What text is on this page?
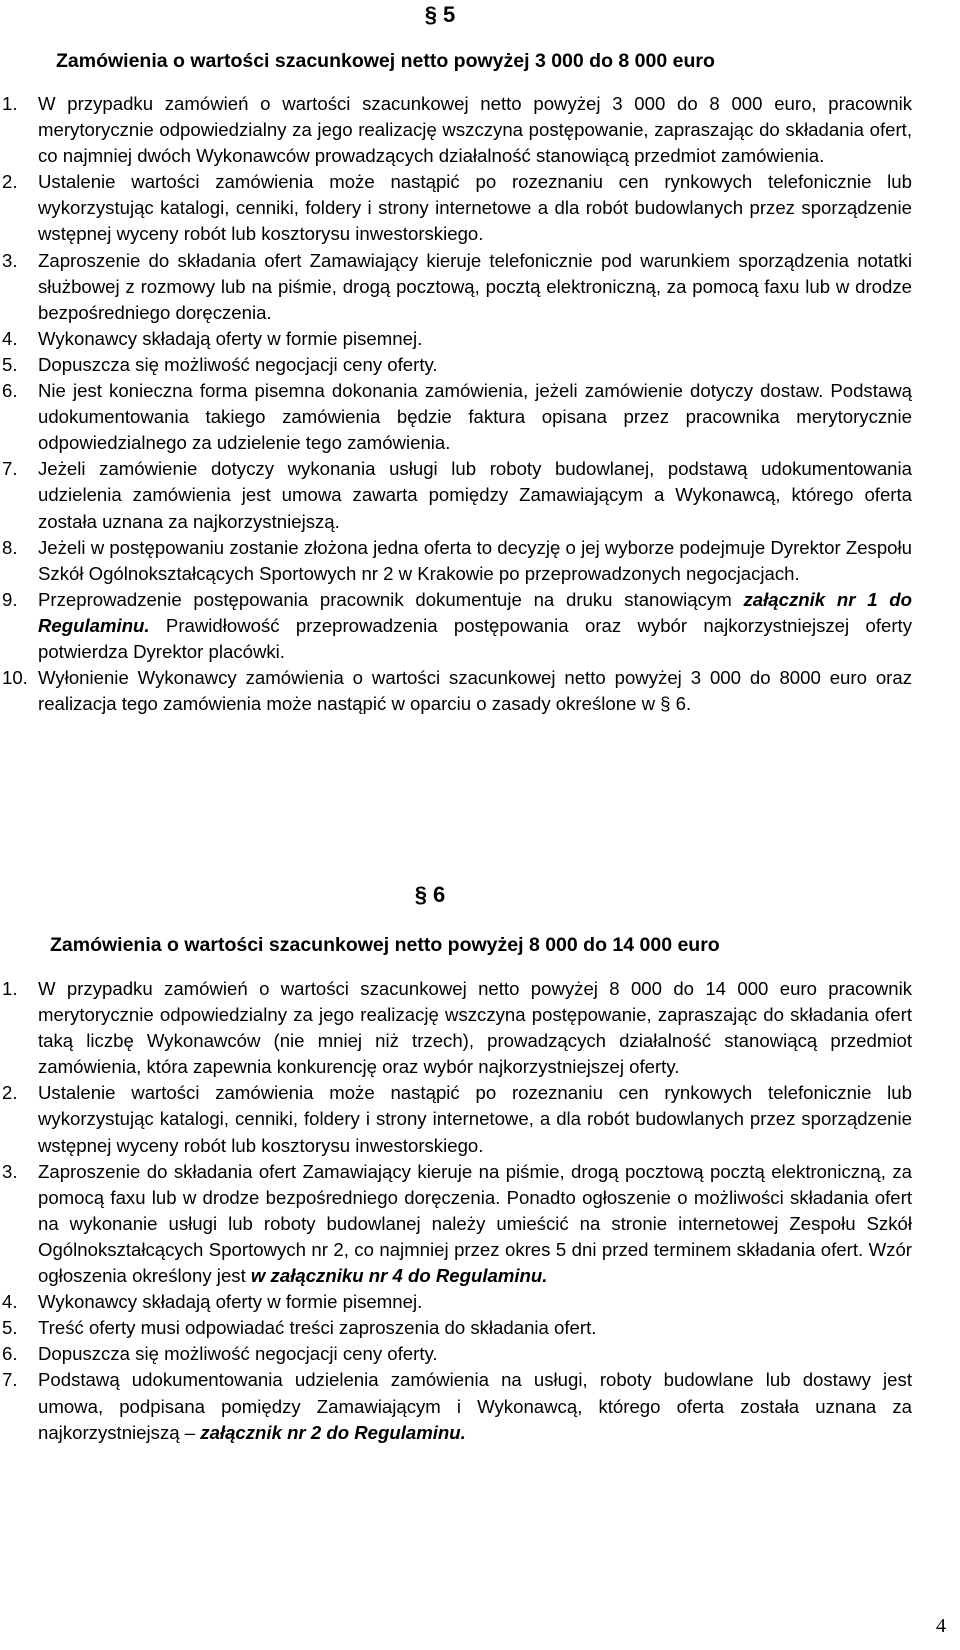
§ 5
Zamówienia o wartości szacunkowej netto powyżej 3 000 do 8 000 euro
1. W przypadku zamówień o wartości szacunkowej netto powyżej 3 000 do 8 000 euro, pracownik merytorycznie odpowiedzialny za jego realizację wszczyna postępowanie, zapraszając do składania ofert, co najmniej dwóch Wykonawców prowadzących działalność stanowiącą przedmiot zamówienia.
2. Ustalenie wartości zamówienia może nastąpić po rozeznaniu cen rynkowych telefonicznie lub wykorzystując katalogi, cenniki, foldery i strony internetowe a dla robót budowlanych przez sporządzenie wstępnej wyceny robót lub kosztorysu inwestorskiego.
3. Zaproszenie do składania ofert Zamawiający kieruje telefonicznie pod warunkiem sporządzenia notatki służbowej z rozmowy lub na piśmie, drogą pocztową, pocztą elektroniczną, za pomocą faxu lub w drodze bezpośredniego doręczenia.
4. Wykonawcy składają oferty w formie pisemnej.
5. Dopuszcza się możliwość negocjacji ceny oferty.
6. Nie jest konieczna forma pisemna dokonania zamówienia, jeżeli zamówienie dotyczy dostaw. Podstawą udokumentowania takiego zamówienia będzie faktura opisana przez pracownika merytorycznie odpowiedzialnego za udzielenie tego zamówienia.
7. Jeżeli zamówienie dotyczy wykonania usługi lub roboty budowlanej, podstawą udokumentowania udzielenia zamówienia jest umowa zawarta pomiędzy Zamawiającym a Wykonawcą, którego oferta została uznana za najkorzystniejszą.
8. Jeżeli w postępowaniu zostanie złożona jedna oferta to decyzję o jej wyborze podejmuje Dyrektor Zespołu Szkół Ogólnokształcących Sportowych nr 2 w Krakowie po przeprowadzonych negocjacjach.
9. Przeprowadzenie postępowania pracownik dokumentuje na druku stanowiącym załącznik nr 1 do Regulaminu. Prawidłowość przeprowadzenia postępowania oraz wybór najkorzystniejszej oferty potwierdza Dyrektor placówki.
10. Wyłonienie Wykonawcy zamówienia o wartości szacunkowej netto powyżej 3 000 do 8000 euro oraz realizacja tego zamówienia może nastąpić w oparciu o zasady określone w § 6.
§ 6
Zamówienia o wartości szacunkowej netto powyżej 8 000 do 14 000 euro
1. W przypadku zamówień o wartości szacunkowej netto powyżej 8 000 do 14 000 euro pracownik merytorycznie odpowiedzialny za jego realizację wszczyna postępowanie, zapraszając do składania ofert taką liczbę Wykonawców (nie mniej niż trzech), prowadzących działalność stanowiącą przedmiot zamówienia, która zapewnia konkurencję oraz wybór najkorzystniejszej oferty.
2. Ustalenie wartości zamówienia może nastąpić po rozeznaniu cen rynkowych telefonicznie lub wykorzystując katalogi, cenniki, foldery i strony internetowe, a dla robót budowlanych przez sporządzenie wstępnej wyceny robót lub kosztorysu inwestorskiego.
3. Zaproszenie do składania ofert Zamawiający kieruje na piśmie, drogą pocztową pocztą elektroniczną, za pomocą faxu lub w drodze bezpośredniego doręczenia. Ponadto ogłoszenie o możliwości składania ofert na wykonanie usługi lub roboty budowlanej należy umieścić na stronie internetowej Zespołu Szkół Ogólnokształcących Sportowych nr 2, co najmniej przez okres 5 dni przed terminem składania ofert. Wzór ogłoszenia określony jest w załączniku nr 4 do Regulaminu.
4. Wykonawcy składają oferty w formie pisemnej.
5. Treść oferty musi odpowiadać treści zaproszenia do składania ofert.
6. Dopuszcza się możliwość negocjacji ceny oferty.
7. Podstawą udokumentowania udzielenia zamówienia na usługi, roboty budowlane lub dostawy jest umowa, podpisana pomiędzy Zamawiającym i Wykonawcą, którego oferta została uznana za najkorzystniejszą – załącznik nr 2 do Regulaminu.
4
